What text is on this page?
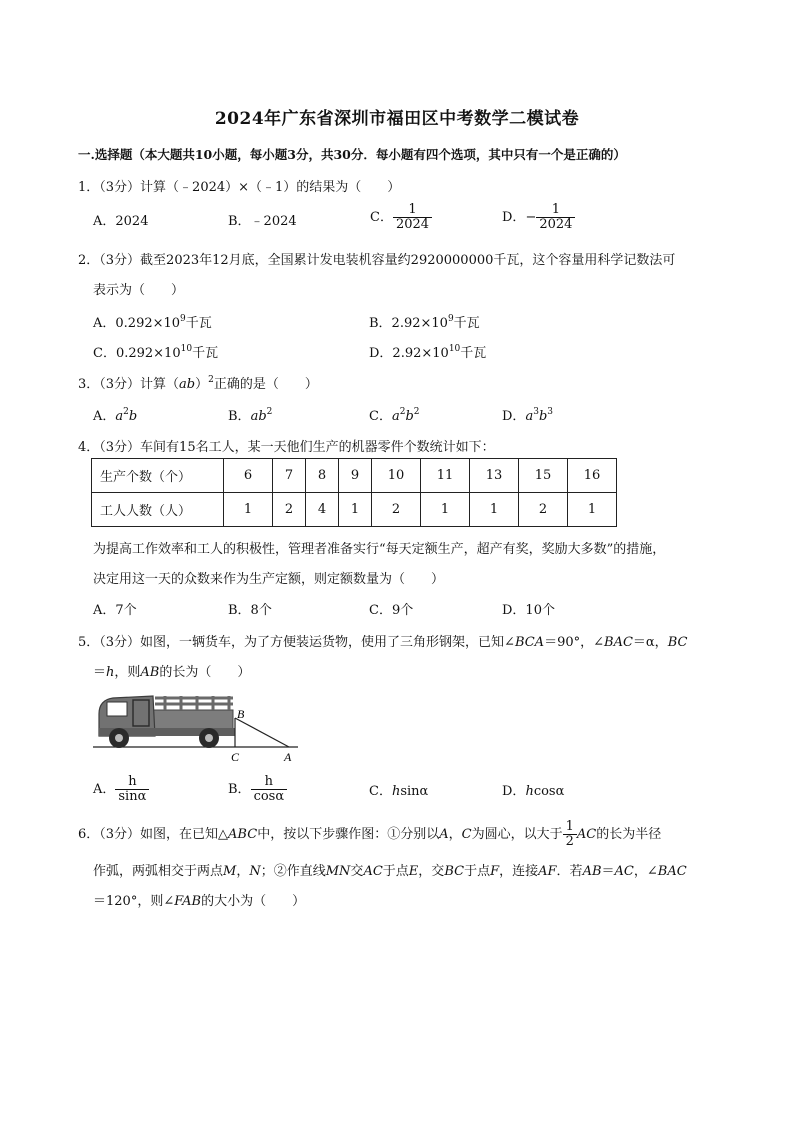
2024年广东省深圳市福田区中考数学二模试卷
一.选择题（本大题共10小题，每小题3分，共30分．每小题有四个选项，其中只有一个是正确的）
1．（3分）计算（﹣2024）×（﹣1）的结果为（　　）
A．2024	B．﹣2024	C． $\frac{1}{2024}$	D．− $\frac{1}{2024}$
2．（3分）截至2023年12月底，全国累计发电装机容量约2920000000千瓦，这个容量用科学记数法可
表示为（　　）
A．$0.292\times 10^9$千瓦	B．$2.92\times 10^9$千瓦
C．$0.292\times 10^{10}$千瓦	D．$2.92\times 10^{10}$千瓦
3．（3分）计算（ab）$^2$正确的是（　　）
A．$a^2b$	B．$ab^2$	C．$a^2b^2$	D．$a^3b^3$
4．（3分）车间有15名工人，某一天他们生产的机器零件个数统计如下：
生产个数（个）	6	7	8	9	10	11	13	15	16
工人人数（人）	1	2	4	1	2	1	1	2	1
为提高工作效率和工人的积极性，管理者准备实行“每天定额生产，超产有奖，奖励大多数”的措施，
决定用这一天的众数来作为生产定额，则定额数量为（　　）
A．7个	B．8个	C．9个	D．10个
5．（3分）如图，一辆货车，为了方便装运货物，使用了三角形钢架，已知∠BCA＝90°，∠BAC＝α，BC
＝h，则AB的长为（　　）
B
C	A
A． $\frac{h}{\sin\alpha}$	B． $\frac{h}{\cos\alpha}$	C．hsinα	D．hcosα
6．（3分）如图，在已知△ABC中，按以下步骤作图：①分别以A，C为圆心，以大于 $\frac{1}{2}$ AC的长为半径
作弧，两弧相交于两点M，N；②作直线MN交AC于点E，交BC于点F，连接AF．若AB＝AC，∠BAC
＝120°，则∠FAB的大小为（　　）
